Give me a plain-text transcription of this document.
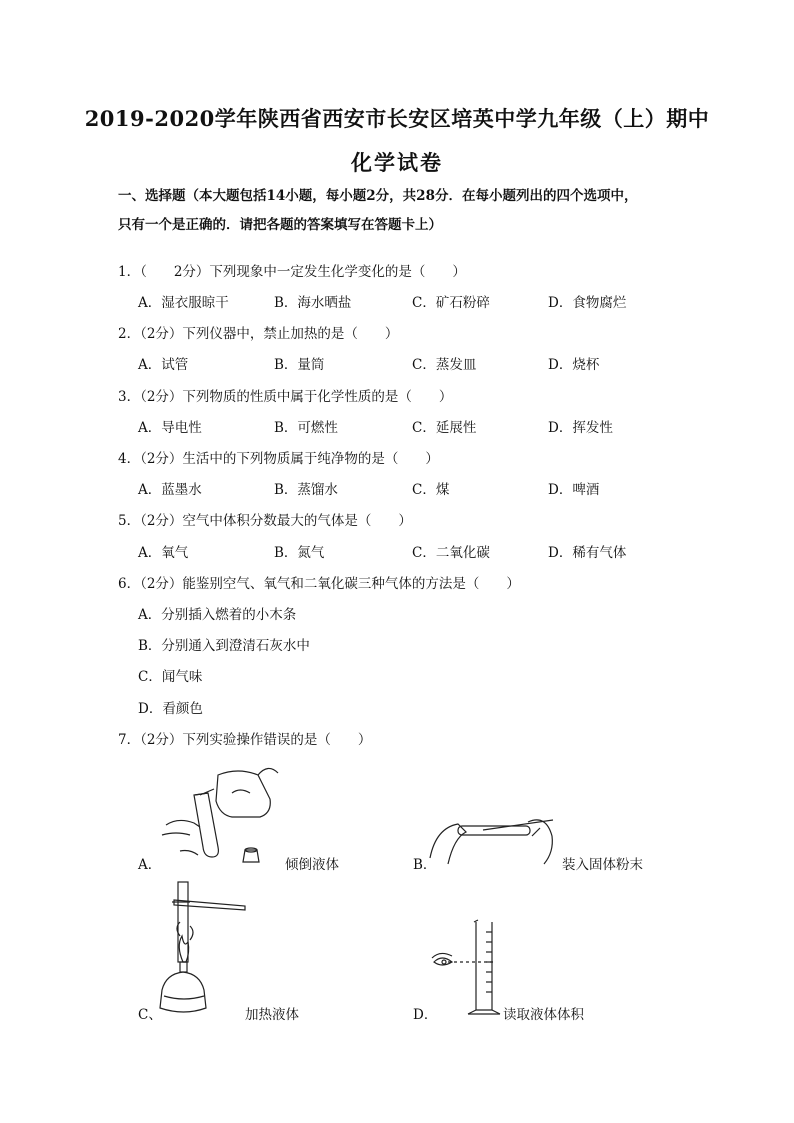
2019-2020学年陕西省西安市长安区培英中学九年级（上）期中
化学试卷
一、选择题（本大题包括14小题，每小题2分，共28分．在每小题列出的四个选项中，
只有一个是正确的．请把各题的答案填写在答题卡上）
1．（　　2分）下列现象中一定发生化学变化的是（　　）
A．湿衣服晾干	B．海水晒盐	C．矿石粉碎	D．食物腐烂
2．（2分）下列仪器中，禁止加热的是（　　）
A．试管	B．量筒	C．蒸发皿	D．烧杯
3．（2分）下列物质的性质中属于化学性质的是（　　）
A．导电性	B．可燃性	C．延展性	D．挥发性
4．（2分）生活中的下列物质属于纯净物的是（　　）
A．蓝墨水	B．蒸馏水	C．煤	D．啤酒
5．（2分）空气中体积分数最大的气体是（　　）
A．氧气	B．氮气	C．二氧化碳	D．稀有气体
6．（2分）能鉴别空气、氧气和二氧化碳三种气体的方法是（　　）
A．分别插入燃着的小木条
B．分别通入到澄清石灰水中
C．闻气味
D．看颜色
7．（2分）下列实验操作错误的是（　　）
A．	倾倒液体	B．	装入固体粉末
C、	加热液体	D．	读取液体体积
